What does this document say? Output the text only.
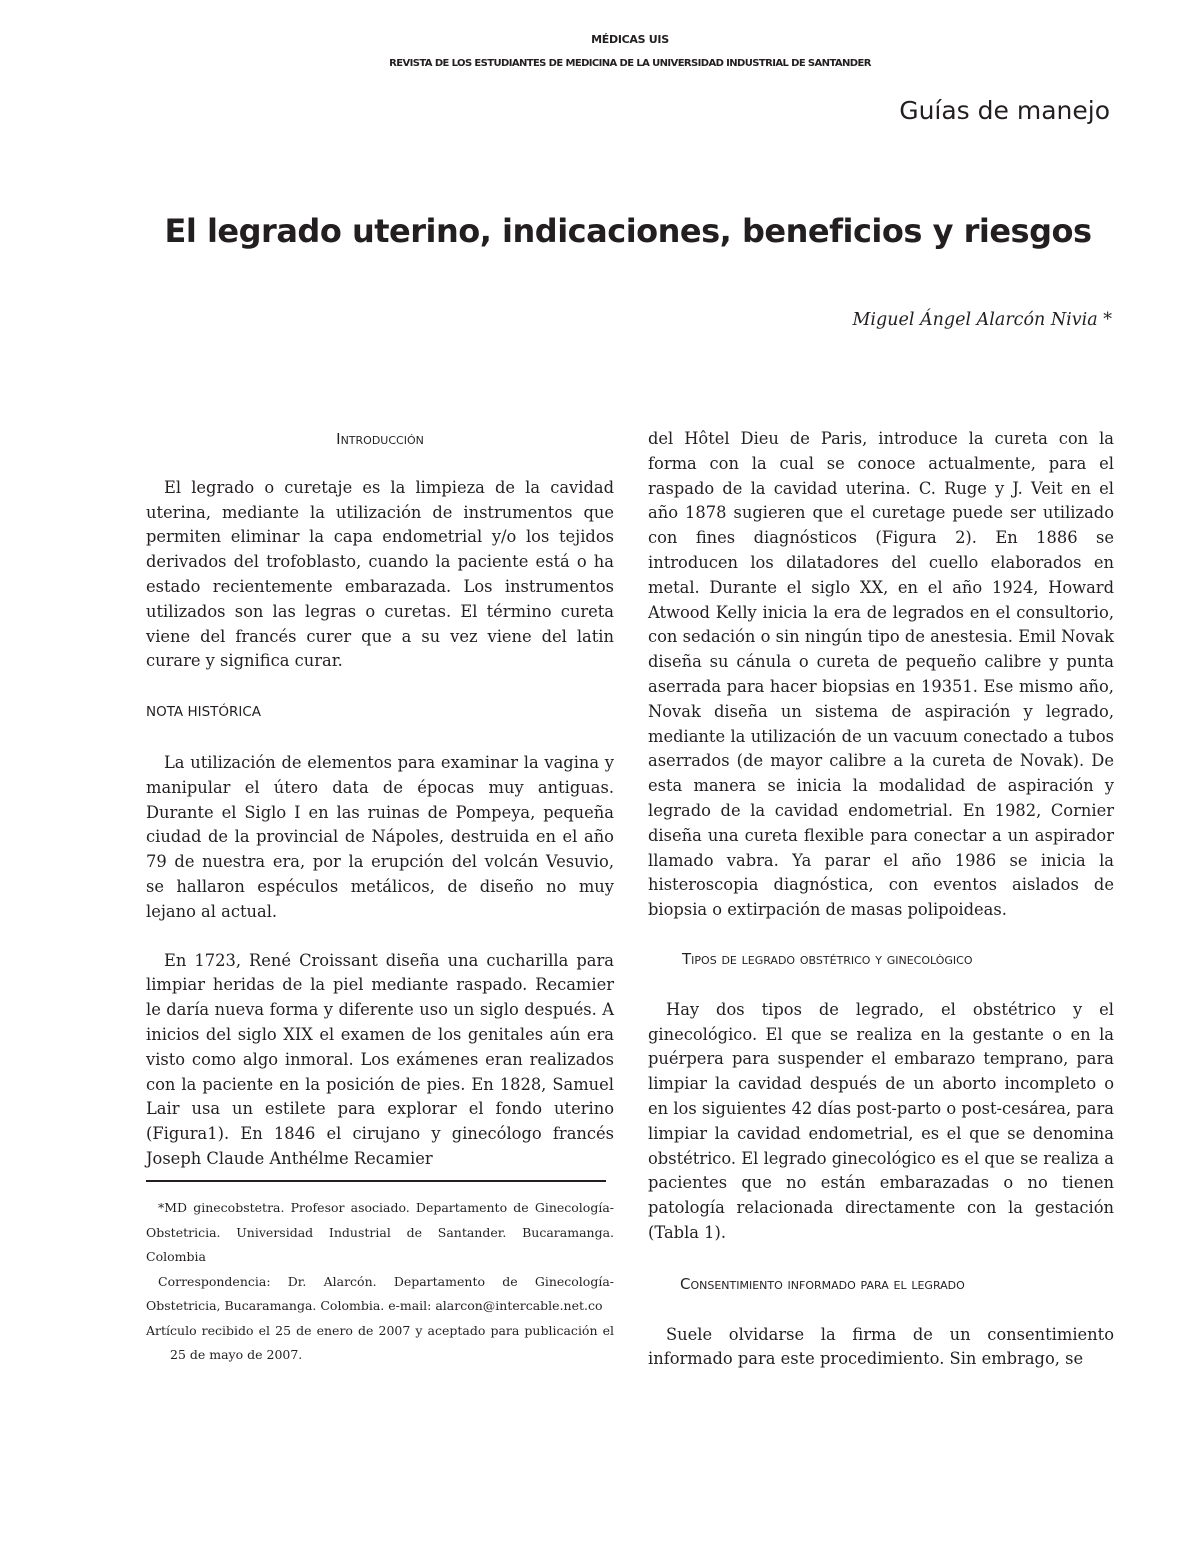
MÉDICAS UIS
REVISTA DE LOS ESTUDIANTES DE MEDICINA DE LA UNIVERSIDAD INDUSTRIAL DE SANTANDER
Guías de manejo
El legrado uterino, indicaciones, beneficios y riesgos
Miguel Ángel Alarcón Nivia *
Introducción

El legrado o curetaje es la limpieza de la cavidad uterina, mediante la utilización de instrumentos que permiten eliminar la capa endometrial y/o los tejidos derivados del trofoblasto, cuando la paciente está o ha estado recientemente embarazada. Los instrumentos utilizados son las legras o curetas. El término cureta viene del francés curer que a su vez viene del latin curare y significa curar.

NOTA HISTÓRICA

La utilización de elementos para examinar la vagina y manipular el útero data de épocas muy antiguas. Durante el Siglo I en las ruinas de Pompeya, pequeña ciudad de la provincial de Nápoles, destruida en el año 79 de nuestra era, por la erupción del volcán Vesuvio, se hallaron espéculos metálicos, de diseño no muy lejano al actual.

En 1723, René Croissant diseña una cucharilla para limpiar heridas de la piel mediante raspado. Recamier le daría nueva forma y diferente uso un siglo después. A inicios del siglo XIX el examen de los genitales aún era visto como algo inmoral. Los exámenes eran realizados con la paciente en la posición de pies. En 1828, Samuel Lair usa un estilete para explorar el fondo uterino (Figura1). En 1846 el cirujano y ginecólogo francés Joseph Claude Anthélme Recamier

*MD ginecobstetra. Profesor asociado. Departamento de Ginecología-Obstetricia. Universidad Industrial de Santander. Bucaramanga. Colombia

Correspondencia: Dr. Alarcón. Departamento de Ginecología-Obstetricia, Bucaramanga. Colombia. e-mail: alarcon@intercable.net.co

Artículo recibido el 25 de enero de 2007 y aceptado para publicación el 25 de mayo de 2007.

del Hôtel Dieu de Paris, introduce la cureta con la forma con la cual se conoce actualmente, para el raspado de la cavidad uterina. C. Ruge y J. Veit en el año 1878 sugieren que el curetage puede ser utilizado con fines diagnósticos (Figura 2). En 1886 se introducen los dilatadores del cuello elaborados en metal. Durante el siglo XX, en el año 1924, Howard Atwood Kelly inicia la era de legrados en el consultorio, con sedación o sin ningún tipo de anestesia. Emil Novak diseña su cánula o cureta de pequeño calibre y punta aserrada para hacer biopsias en 19351. Ese mismo año, Novak diseña un sistema de aspiración y legrado, mediante la utilización de un vacuum conectado a tubos aserrados (de mayor calibre a la cureta de Novak). De esta manera se inicia la modalidad de aspiración y legrado de la cavidad endometrial. En 1982, Cornier diseña una cureta flexible para conectar a un aspirador llamado vabra. Ya parar el año 1986 se inicia la histeroscopia diagnóstica, con eventos aislados de biopsia o extirpación de masas polipoideas.

Tipos de legrado obstétrico y ginecològico

Hay dos tipos de legrado, el obstétrico y el ginecológico. El que se realiza en la gestante o en la puérpera para suspender el embarazo temprano, para limpiar la cavidad después de un aborto incompleto o en los siguientes 42 días post-parto o post-cesárea, para limpiar la cavidad endometrial, es el que se denomina obstétrico. El legrado ginecológico es el que se realiza a pacientes que no están embarazadas o no tienen patología relacionada directamente con la gestación (Tabla 1).

Consentimiento informado para el legrado

Suele olvidarse la firma de un consentimiento informado para este procedimiento. Sin embrago, se
